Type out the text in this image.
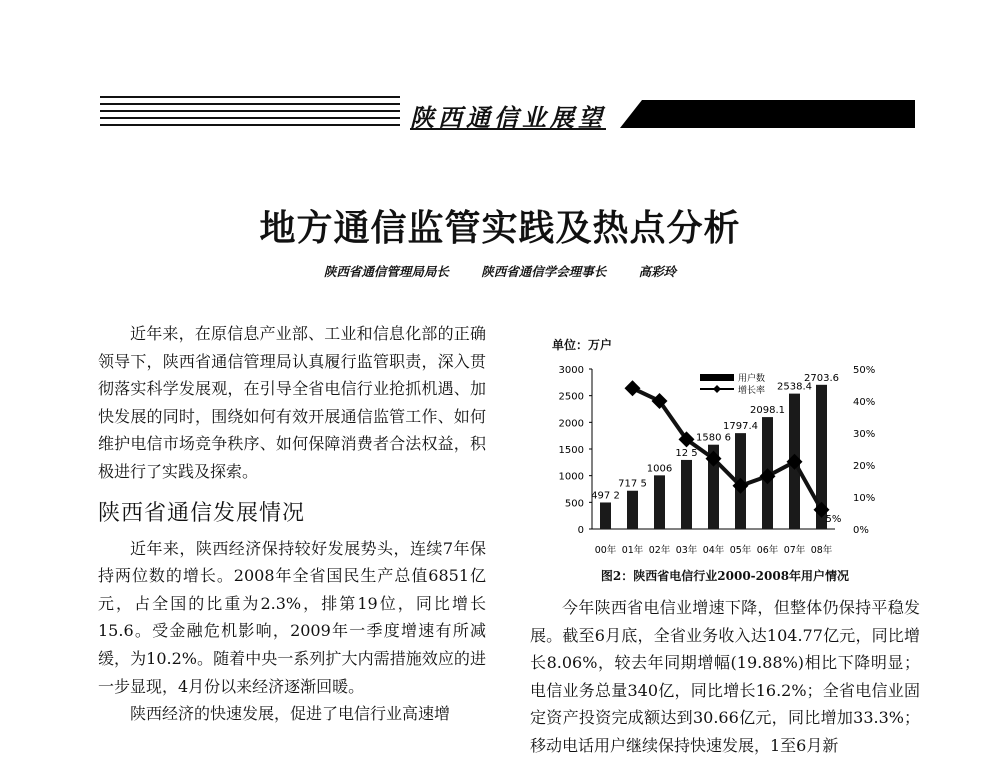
陕西通信业展望
地方通信监管实践及热点分析
陕西省通信管理局局长	陕西省通信学会理事长	高彩玲

近年来，在原信息产业部、工业和信息化部的正确领导下，陕西省通信管理局认真履行监管职责，深入贯彻落实科学发展观，在引导全省电信行业抢抓机遇、加快发展的同时，围绕如何有效开展通信监管工作、如何维护电信市场竞争秩序、如何保障消费者合法权益，积极进行了实践及探索。

陕西省通信发展情况

近年来，陕西经济保持较好发展势头，连续7年保持两位数的增长。2008年全省国民生产总值6851亿元，占全国的比重为2.3%，排第19位，同比增长15.6。受金融危机影响，2009年一季度增速有所减缓，为10.2%。随着中央一系列扩大内需措施效应的进一步显现，4月份以来经济逐渐回暖。

陕西经济的快速发展，促进了电信行业高速增

单位：万户
0
500
1000
1500
2000
2500
3000
0%
10%
20%
30%
40%
50%
00年 01年 02年 03年 04年 05年 06年 07年 08年
497 2
717 5
1006
12 5
1580 6
1797.4
2098.1
2538.4
2703.6
5%
用户数
增长率
图2：陕西省电信行业2000-2008年用户情况

今年陕西省电信业增速下降，但整体仍保持平稳发展。截至6月底，全省业务收入达104.77亿元，同比增长8.06%，较去年同期增幅(19.88%)相比下降明显；电信业务总量340亿，同比增长16.2%；全省电信业固定资产投资完成额达到30.66亿元，同比增加33.3%；移动电话用户继续保持快速发展，1至6月新
